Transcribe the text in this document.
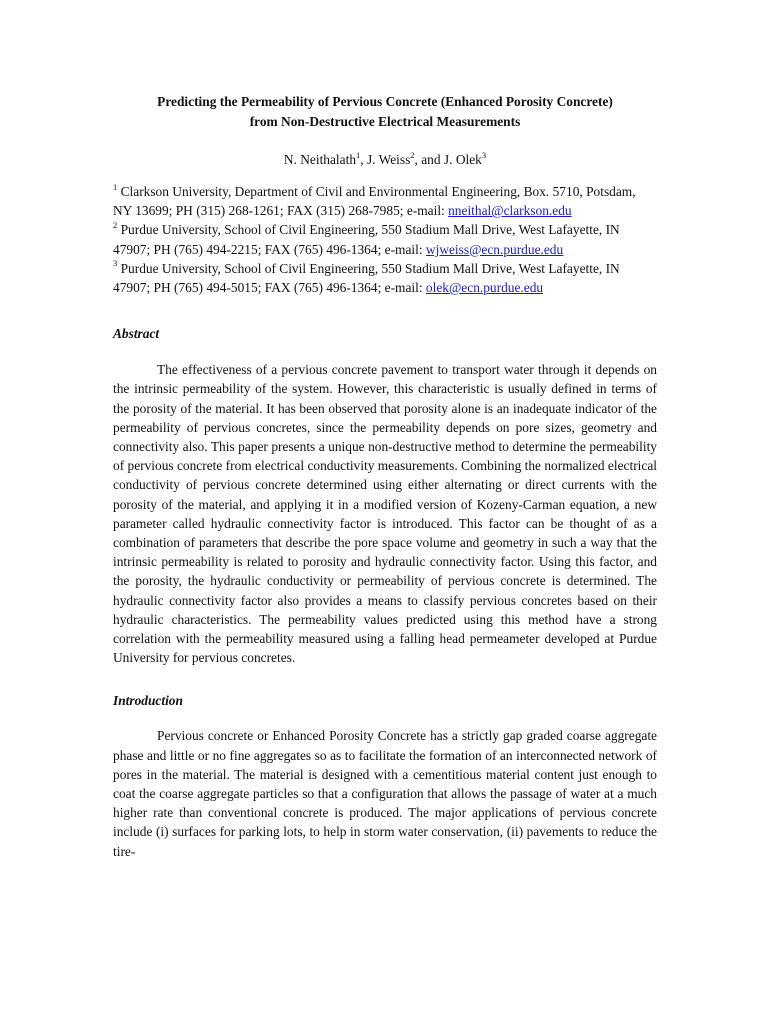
Predicting the Permeability of Pervious Concrete (Enhanced Porosity Concrete)
from Non-Destructive Electrical Measurements

N. Neithalath$^1$, J. Weiss$^2$, and J. Olek$^3$

$^1$ Clarkson University, Department of Civil and Environmental Engineering, Box. 5710, Potsdam, NY 13699; PH (315) 268-1261; FAX (315) 268-7985; e-mail: nneithal@clarkson.edu

$^2$ Purdue University, School of Civil Engineering, 550 Stadium Mall Drive, West Lafayette, IN 47907; PH (765) 494-2215; FAX (765) 496-1364; e-mail: wjweiss@ecn.purdue.edu

$^3$ Purdue University, School of Civil Engineering, 550 Stadium Mall Drive, West Lafayette, IN 47907; PH (765) 494-5015; FAX (765) 496-1364; e-mail: olek@ecn.purdue.edu

Abstract

The effectiveness of a pervious concrete pavement to transport water through it depends on the intrinsic permeability of the system. However, this characteristic is usually defined in terms of the porosity of the material. It has been observed that porosity alone is an inadequate indicator of the permeability of pervious concretes, since the permeability depends on pore sizes, geometry and connectivity also. This paper presents a unique non-destructive method to determine the permeability of pervious concrete from electrical conductivity measurements. Combining the normalized electrical conductivity of pervious concrete determined using either alternating or direct currents with the porosity of the material, and applying it in a modified version of Kozeny-Carman equation, a new parameter called hydraulic connectivity factor is introduced. This factor can be thought of as a combination of parameters that describe the pore space volume and geometry in such a way that the intrinsic permeability is related to porosity and hydraulic connectivity factor. Using this factor, and the porosity, the hydraulic conductivity or permeability of pervious concrete is determined. The hydraulic connectivity factor also provides a means to classify pervious concretes based on their hydraulic characteristics. The permeability values predicted using this method have a strong correlation with the permeability measured using a falling head permeameter developed at Purdue University for pervious concretes.

Introduction

Pervious concrete or Enhanced Porosity Concrete has a strictly gap graded coarse aggregate phase and little or no fine aggregates so as to facilitate the formation of an interconnected network of pores in the material. The material is designed with a cementitious material content just enough to coat the coarse aggregate particles so that a configuration that allows the passage of water at a much higher rate than conventional concrete is produced. The major applications of pervious concrete include (i) surfaces for parking lots, to help in storm water conservation, (ii) pavements to reduce the tire-
